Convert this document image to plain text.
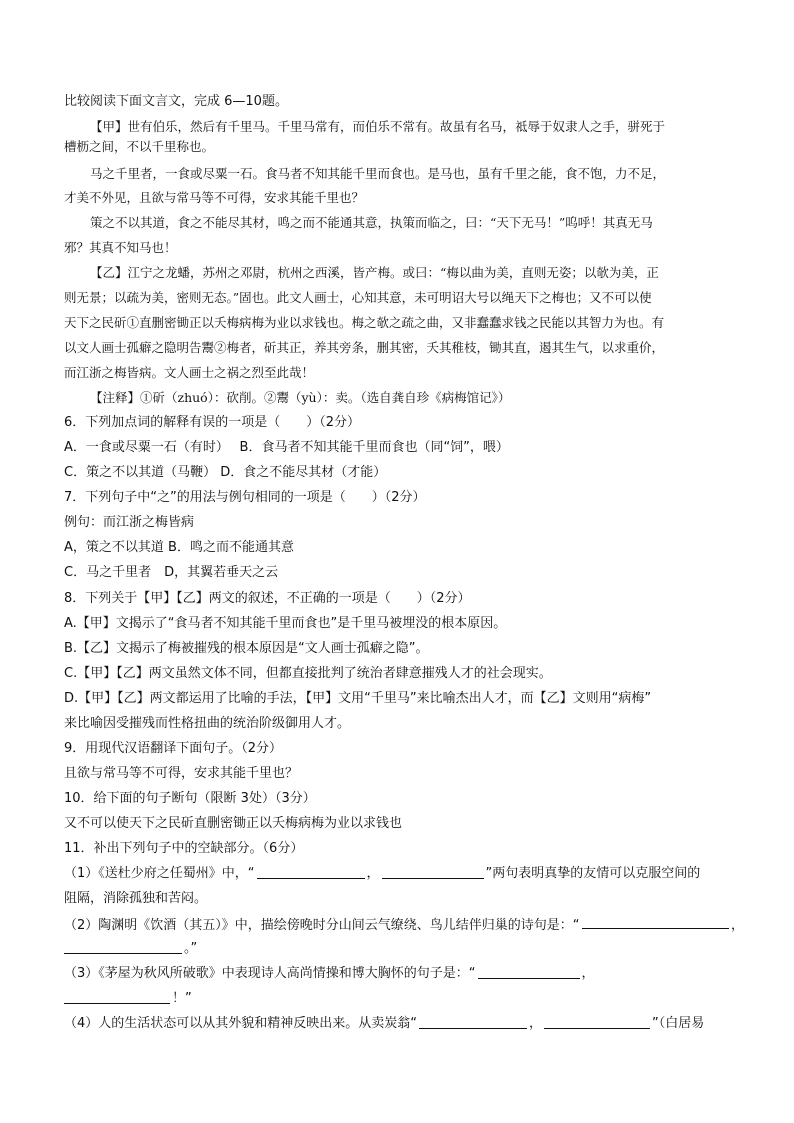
比较阅读下面文言文，完成 6—10题。
【甲】世有伯乐，然后有千里马。千里马常有，而伯乐不常有。故虽有名马，祗辱于奴隶人之手，骈死于
槽枥之间，不以千里称也。
马之千里者，一食或尽粟一石。食马者不知其能千里而食也。是马也，虽有千里之能，食不饱，力不足，
才美不外见，且欲与常马等不可得，安求其能千里也？
策之不以其道，食之不能尽其材，鸣之而不能通其意，执策而临之，曰：“天下无马！”呜呼！其真无马
邪？其真不知马也！
【乙】江宁之龙蟠，苏州之邓尉，杭州之西溪，皆产梅。或曰：“梅以曲为美，直则无姿；以欹为美，正
则无景；以疏为美，密则无态。”固也。此文人画士，心知其意，未可明诏大号以绳天下之梅也；又不可以使
天下之民斫①直删密锄正以夭梅病梅为业以求钱也。梅之欹之疏之曲，又非蠢蠢求钱之民能以其智力为也。有
以文人画士孤癖之隐明告鬻②梅者，斫其正，养其旁条，删其密，夭其稚枝，锄其直，遏其生气，以求重价，
而江浙之梅皆病。文人画士之祸之烈至此哉！
【注释】①斫（zhuó）：砍削。②鬻（yù）：卖。（选自龚自珍《病梅馆记》）
6．下列加点词的解释有误的一项是（　　）（2分）
A．一食或尽粟一石（有时）　 B．食马者不知其能千里而食也（同“饲”，喂）
C．策之不以其道（马鞭） D．食之不能尽其材（才能）
7．下列句子中“之”的用法与例句相同的一项是（　　）（2分）
例句：而江浙之梅皆病
A，策之不以其道 B．鸣之而不能通其意
C．马之千里者　D，其翼若垂天之云
8．下列关于【甲】【乙】两文的叙述，不正确的一项是（　　）（2分）
A.【甲】文揭示了“食马者不知其能千里而食也”是千里马被埋没的根本原因。
B.【乙】文揭示了梅被摧残的根本原因是“文人画士孤癖之隐”。
C.【甲】【乙】两文虽然文体不同，但都直接批判了统治者肆意摧残人才的社会现实。
D.【甲】【乙】两文都运用了比喻的手法，【甲】文用“千里马”来比喻杰出人才，而【乙】文则用“病梅”
来比喻因受摧残而性格扭曲的统治阶级御用人才。
9．用现代汉语翻译下面句子。（2分）
且欲与常马等不可得，安求其能千里也？
10．给下面的句子断句（限断 3处）（3分）
又不可以使天下之民斫直删密锄正以夭梅病梅为业以求钱也
11．补出下列句子中的空缺部分。（6分）
（1）《送杜少府之任蜀州》中，“	，	”两句表明真挚的友情可以克服空间的
阻隔，消除孤独和苦闷。
（2）陶渊明《饮酒（其五）》中，描绘傍晚时分山间云气缭绕、鸟儿结伴归巢的诗句是：“	，
。”
（3）《茅屋为秋风所破歌》中表现诗人高尚情操和博大胸怀的句子是：“	，
！”
（4）人的生活状态可以从其外貌和精神反映出来。从卖炭翁“	，	”（白居易
